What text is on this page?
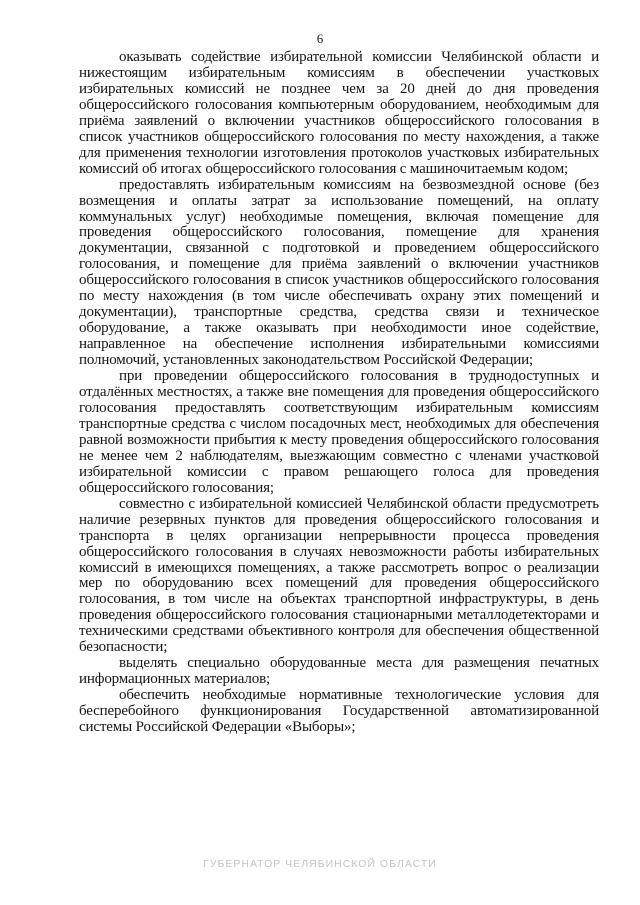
6

оказывать содействие избирательной комиссии Челябинской области и нижестоящим избирательным комиссиям в обеспечении участковых избирательных комиссий не позднее чем за 20 дней до дня проведения общероссийского голосования компьютерным оборудованием, необходимым для приёма заявлений о включении участников общероссийского голосования в список участников общероссийского голосования по месту нахождения, а также для применения технологии изготовления протоколов участковых избирательных комиссий об итогах общероссийского голосования с машиночитаемым кодом;

предоставлять избирательным комиссиям на безвозмездной основе (без возмещения и оплаты затрат за использование помещений, на оплату коммунальных услуг) необходимые помещения, включая помещение для проведения общероссийского голосования, помещение для хранения документации, связанной с подготовкой и проведением общероссийского голосования, и помещение для приёма заявлений о включении участников общероссийского голосования в список участников общероссийского голосования по месту нахождения (в том числе обеспечивать охрану этих помещений и документации), транспортные средства, средства связи и техническое оборудование, а также оказывать при необходимости иное содействие, направленное на обеспечение исполнения избирательными комиссиями полномочий, установленных законодательством Российской Федерации;

при проведении общероссийского голосования в труднодоступных и отдалённых местностях, а также вне помещения для проведения общероссийского голосования предоставлять соответствующим избирательным комиссиям транспортные средства с числом посадочных мест, необходимых для обеспечения равной возможности прибытия к месту проведения общероссийского голосования не менее чем 2 наблюдателям, выезжающим совместно с членами участковой избирательной комиссии с правом решающего голоса для проведения общероссийского голосования;

совместно с избирательной комиссией Челябинской области предусмотреть наличие резервных пунктов для проведения общероссийского голосования и транспорта в целях организации непрерывности процесса проведения общероссийского голосования в случаях невозможности работы избирательных комиссий в имеющихся помещениях, а также рассмотреть вопрос о реализации мер по оборудованию всех помещений для проведения общероссийского голосования, в том числе на объектах транспортной инфраструктуры, в день проведения общероссийского голосования стационарными металлодетекторами и техническими средствами объективного контроля для обеспечения общественной безопасности;

выделять специально оборудованные места для размещения печатных информационных материалов;

обеспечить необходимые нормативные технологические условия для бесперебойного функционирования Государственной автоматизированной системы Российской Федерации «Выборы»;

ГУБЕРНАТОР ЧЕЛЯБИНСКОЙ ОБЛАСТИ
